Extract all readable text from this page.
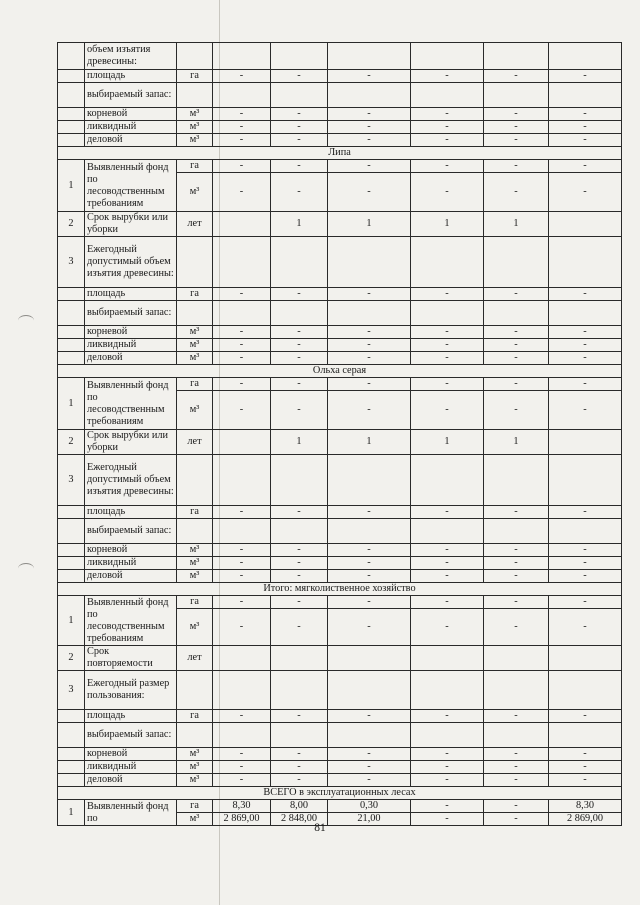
	объем изъятия древесины:							
	площадь	га	-	-	-	-	-	-
	выбираемый запас:							
	корневой	м³	-	-	-	-	-	-
	ликвидный	м³	-	-	-	-	-	-
	деловой	м³	-	-	-	-	-	-
Липа								
1	Выявленный фонд по лесоводственным требованиям	га	-	-	-	-	-	-
		м³	-	-	-	-	-	-
2	Срок вырубки или уборки	лет		1	1	1	1	
3	Ежегодный допустимый объем изъятия древесины:							
	площадь	га	-	-	-	-	-	-
	выбираемый запас:							
	корневой	м³	-	-	-	-	-	-
	ликвидный	м³	-	-	-	-	-	-
	деловой	м³	-	-	-	-	-	-
Ольха серая								
1	Выявленный фонд по лесоводственным требованиям	га	-	-	-	-	-	-
		м³	-	-	-	-	-	-
2	Срок вырубки или уборки	лет		1	1	1	1	
3	Ежегодный допустимый объем изъятия древесины:							
	площадь	га	-	-	-	-	-	-
	выбираемый запас:							
	корневой	м³	-	-	-	-	-	-
	ликвидный	м³	-	-	-	-	-	-
	деловой	м³	-	-	-	-	-	-
Итого: мягколиственное хозяйство								
1	Выявленный фонд по лесоводственным требованиям	га	-	-	-	-	-	-
		м³	-	-	-	-	-	-
2	Срок повторяемости	лет						
3	Ежегодный размер пользования:							
	площадь	га	-	-	-	-	-	-
	выбираемый запас:							
	корневой	м³	-	-	-	-	-	-
	ликвидный	м³	-	-	-	-	-	-
	деловой	м³	-	-	-	-	-	-
ВСЕГО в эксплуатационных лесах								
1	Выявленный фонд по	га	8,30	8,00	0,30	-	-	8,30
		м³	2 869,00	2 848,00	21,00	-	-	2 869,00
81
